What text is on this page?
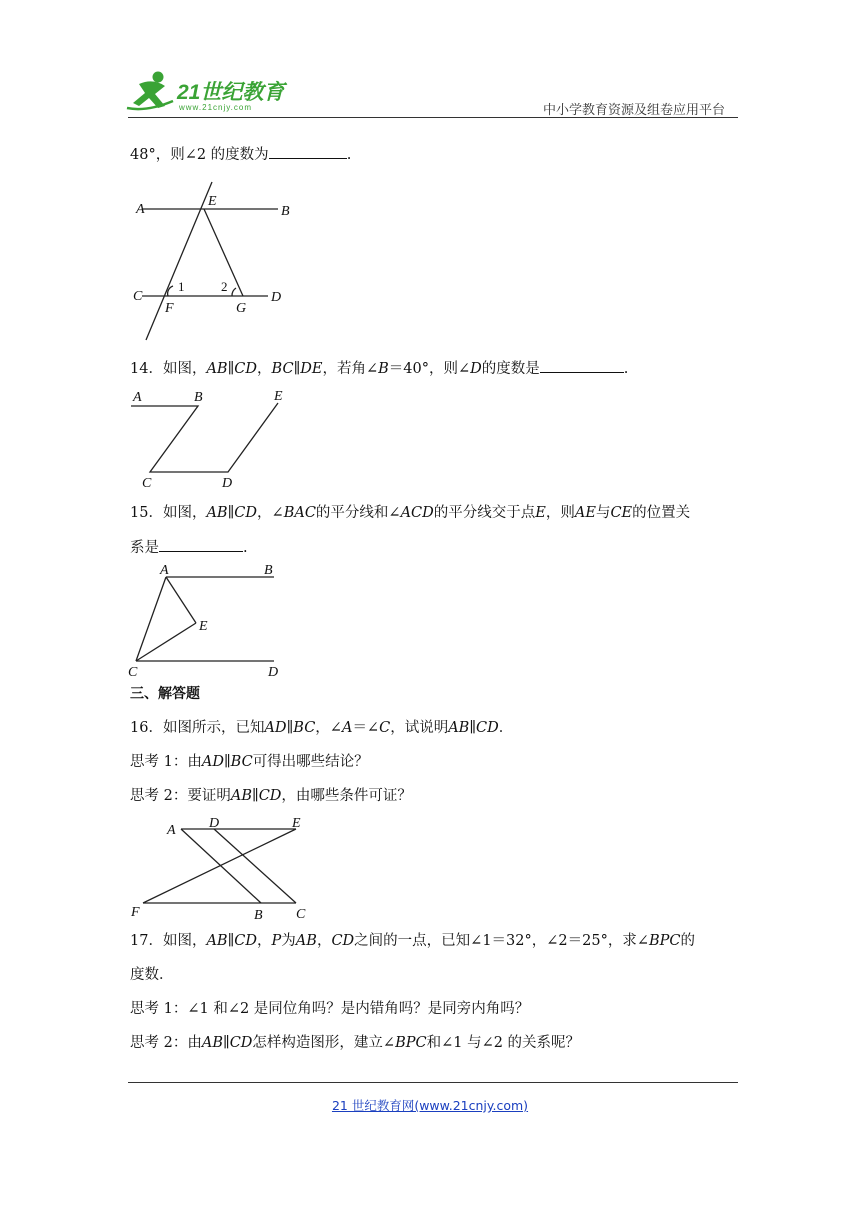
21世纪教育
www.21cnjy.com	中小学教育资源及组卷应用平台
48°，则∠2 的度数为	.
A
E
B
C
1	2
D
F	G
14．如图，AB∥CD，BC∥DE，若角∠B＝40°，则∠D的度数是	.
A	B	E
C	D
15．如图，AB∥CD，∠BAC的平分线和∠ACD的平分线交于点E，则AE与CE的位置关
系是	.
A	B
E
C	D
三、解答题
16．如图所示，已知AD∥BC，∠A＝∠C，试说明AB∥CD．
思考 1：由AD∥BC可得出哪些结论？
思考 2：要证明AB∥CD，由哪些条件可证？
A D	E
F	B C
17．如图，AB∥CD，P为AB，CD之间的一点，已知∠1＝32°，∠2＝25°，求∠BPC的
度数．
思考 1：∠1 和∠2 是同位角吗？是内错角吗？是同旁内角吗？
思考 2：由AB∥CD怎样构造图形，建立∠BPC和∠1 与∠2 的关系呢？
21 世纪教育网(www.21cnjy.com)
